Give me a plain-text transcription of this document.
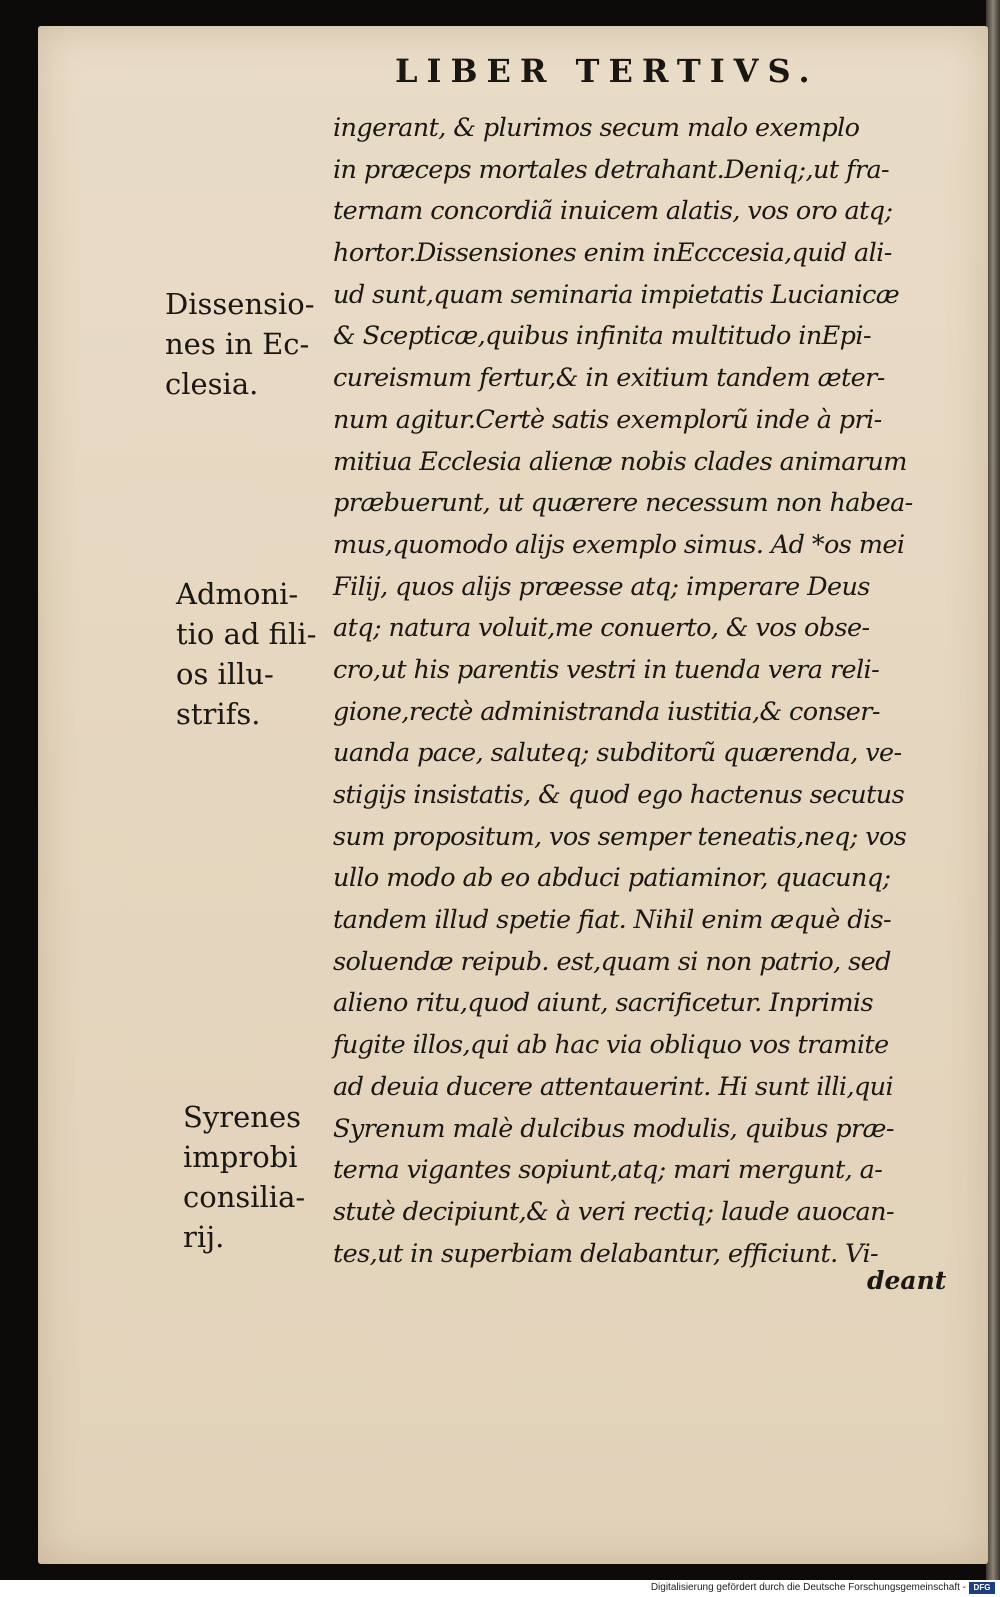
LIBER TERTIVS.
ingerant, & plurimos secum malo exemplo
in præceps mortales detrahant.Deniq;,ut fra-
ternam concordiã inuicem alatis, vos oro atq;
hortor.Dissensiones enim inEcccesia,quid ali-
ud sunt,quam seminaria impietatis Lucianicæ
& Scepticæ,quibus infinita multitudo inEpi-
cureismum fertur,& in exitium tandem æter-
num agitur.Certè satis exemplorũ inde à pri-
mitiua Ecclesia alienæ nobis clades animarum
præbuerunt, ut quærere necessum non habea-
mus,quomodo alijs exemplo simus. Ad *os mei
Filij, quos alijs præesse atq; imperare Deus
atq; natura voluit,me conuerto, & vos obse-
cro,ut his parentis vestri in tuenda vera reli-
gione,rectè administranda iustitia,& conser-
uanda pace, saluteq; subditorũ quærenda, ve-
stigijs insistatis, & quod ego hactenus secutus
sum propositum, vos semper teneatis,neq; vos
ullo modo ab eo abduci patiaminor, quacunq;
tandem illud spetie fiat. Nihil enim æquè dis-
soluendæ reipub. est,quam si non patrio, sed
alieno ritu,quod aiunt, sacrificetur. Inprimis
fugite illos,qui ab hac via obliquo vos tramite
ad deuia ducere attentauerint. Hi sunt illi,qui
Syrenum malè dulcibus modulis, quibus præ-
terna vigantes sopiunt,atq; mari mergunt, a-
stutè decipiunt,& à veri rectiq; laude auocan-
tes,ut in superbiam delabantur, efficiunt. Vi-
Dissensio-
nes in Ec-
clesia.
Admoni-
tio ad fili-
os illu-
strifs.
Syrenes
improbi
consilia-
rij.
deant
Digitalisierung gefördert durch die Deutsche Forschungsgemeinschaft - DFG
